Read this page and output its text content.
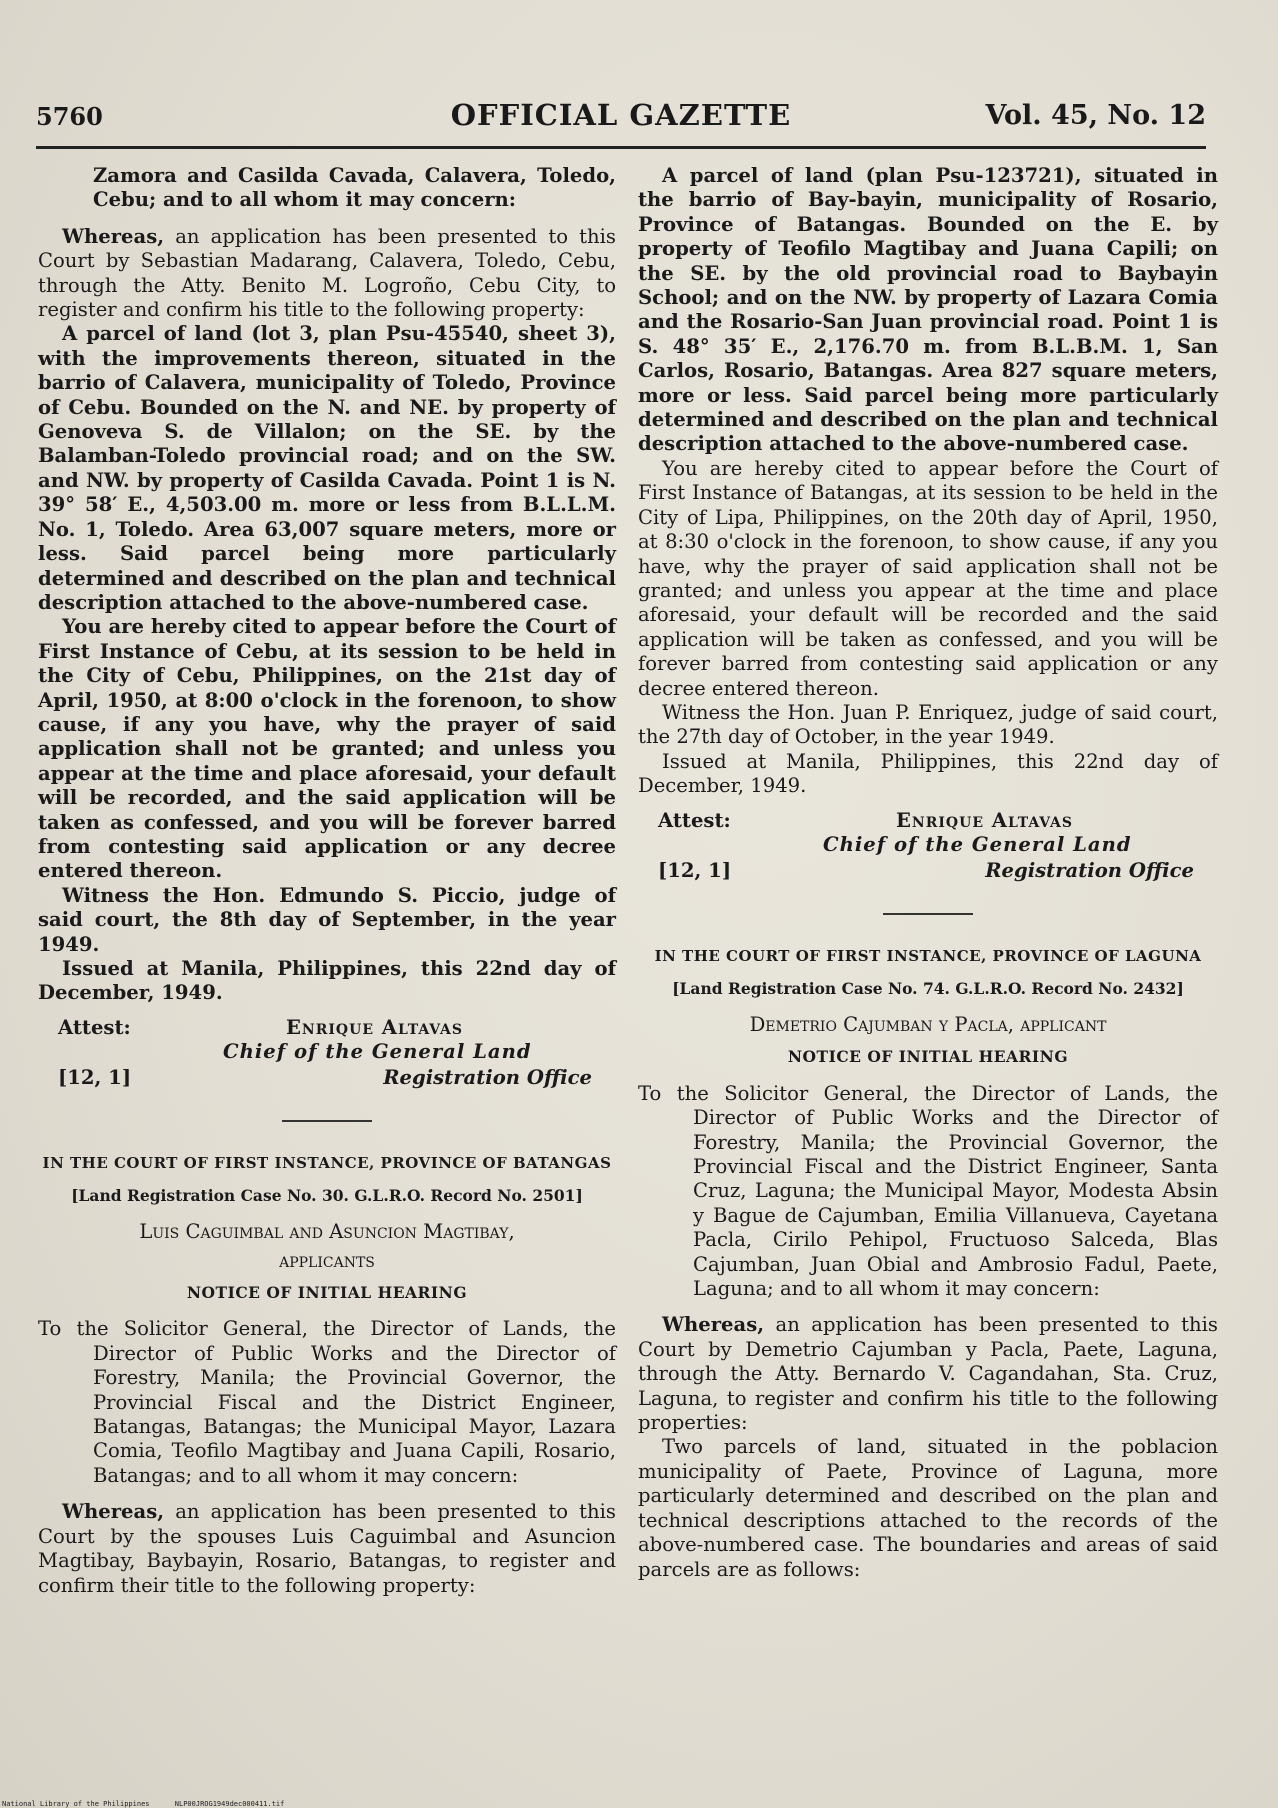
5760	OFFICIAL GAZETTE	Vol. 45, No. 12

Zamora and Casilda Cavada, Calavera, Toledo, Cebu; and to all whom it may concern:

Whereas, an application has been presented to this Court by Sebastian Madarang, Calavera, Toledo, Cebu, through the Atty. Benito M. Logroño, Cebu City, to register and confirm his title to the following property:

A parcel of land (lot 3, plan Psu-45540, sheet 3), with the improvements thereon, situated in the barrio of Calavera, municipality of Toledo, Province of Cebu. Bounded on the N. and NE. by property of Genoveva S. de Villalon; on the SE. by the Balamban-Toledo provincial road; and on the SW. and NW. by property of Casilda Cavada. Point 1 is N. 39° 58′ E., 4,503.00 m. more or less from B.L.L.M. No. 1, Toledo. Area 63,007 square meters, more or less. Said parcel being more particularly determined and described on the plan and technical description attached to the above-numbered case.

You are hereby cited to appear before the Court of First Instance of Cebu, at its session to be held in the City of Cebu, Philippines, on the 21st day of April, 1950, at 8:00 o'clock in the forenoon, to show cause, if any you have, why the prayer of said application shall not be granted; and unless you appear at the time and place aforesaid, your default will be recorded, and the said application will be taken as confessed, and you will be forever barred from contesting said application or any decree entered thereon.

Witness the Hon. Edmundo S. Piccio, judge of said court, the 8th day of September, in the year 1949.

Issued at Manila, Philippines, this 22nd day of December, 1949.

Attest:	Enrique Altavas
Chief of the General Land
[12, 1]	Registration Office
IN THE COURT OF FIRST INSTANCE, PROVINCE OF BATANGAS
[Land Registration Case No. 30. G.L.R.O. Record No. 2501]
Luis Caguimbal and Asuncion Magtibay,
applicants
NOTICE OF INITIAL HEARING

To the Solicitor General, the Director of Lands, the Director of Public Works and the Director of Forestry, Manila; the Provincial Governor, the Provincial Fiscal and the District Engineer, Batangas, Batangas; the Municipal Mayor, Lazara Comia, Teofilo Magtibay and Juana Capili, Rosario, Batangas; and to all whom it may concern:

Whereas, an application has been presented to this Court by the spouses Luis Caguimbal and Asuncion Magtibay, Baybayin, Rosario, Batangas, to register and confirm their title to the following property:

A parcel of land (plan Psu-123721), situated in the barrio of Bay-bayin, municipality of Rosario, Province of Batangas. Bounded on the E. by property of Teofilo Magtibay and Juana Capili; on the SE. by the old provincial road to Baybayin School; and on the NW. by property of Lazara Comia and the Rosario-San Juan provincial road. Point 1 is S. 48° 35′ E., 2,176.70 m. from B.L.B.M. 1, San Carlos, Rosario, Batangas. Area 827 square meters, more or less. Said parcel being more particularly determined and described on the plan and technical description attached to the above-numbered case.

You are hereby cited to appear before the Court of First Instance of Batangas, at its session to be held in the City of Lipa, Philippines, on the 20th day of April, 1950, at 8:30 o'clock in the forenoon, to show cause, if any you have, why the prayer of said application shall not be granted; and unless you appear at the time and place aforesaid, your default will be recorded and the said application will be taken as confessed, and you will be forever barred from contesting said application or any decree entered thereon.

Witness the Hon. Juan P. Enriquez, judge of said court, the 27th day of October, in the year 1949.

Issued at Manila, Philippines, this 22nd day of December, 1949.

Attest:	Enrique Altavas
Chief of the General Land
[12, 1]	Registration Office
IN THE COURT OF FIRST INSTANCE, PROVINCE OF LAGUNA
[Land Registration Case No. 74. G.L.R.O. Record No. 2432]
Demetrio Cajumban y Pacla, applicant
NOTICE OF INITIAL HEARING

To the Solicitor General, the Director of Lands, the Director of Public Works and the Director of Forestry, Manila; the Provincial Governor, the Provincial Fiscal and the District Engineer, Santa Cruz, Laguna; the Municipal Mayor, Modesta Absin y Bague de Cajumban, Emilia Villanueva, Cayetana Pacla, Cirilo Pehipol, Fructuoso Salceda, Blas Cajumban, Juan Obial and Ambrosio Fadul, Paete, Laguna; and to all whom it may concern:

Whereas, an application has been presented to this Court by Demetrio Cajumban y Pacla, Paete, Laguna, through the Atty. Bernardo V. Cagandahan, Sta. Cruz, Laguna, to register and confirm his title to the following properties:

Two parcels of land, situated in the poblacion municipality of Paete, Province of Laguna, more particularly determined and described on the plan and technical descriptions attached to the records of the above-numbered case. The boundaries and areas of said parcels are as follows:

National Library of the Philippines      NLP00JROG1949dec000411.tif
